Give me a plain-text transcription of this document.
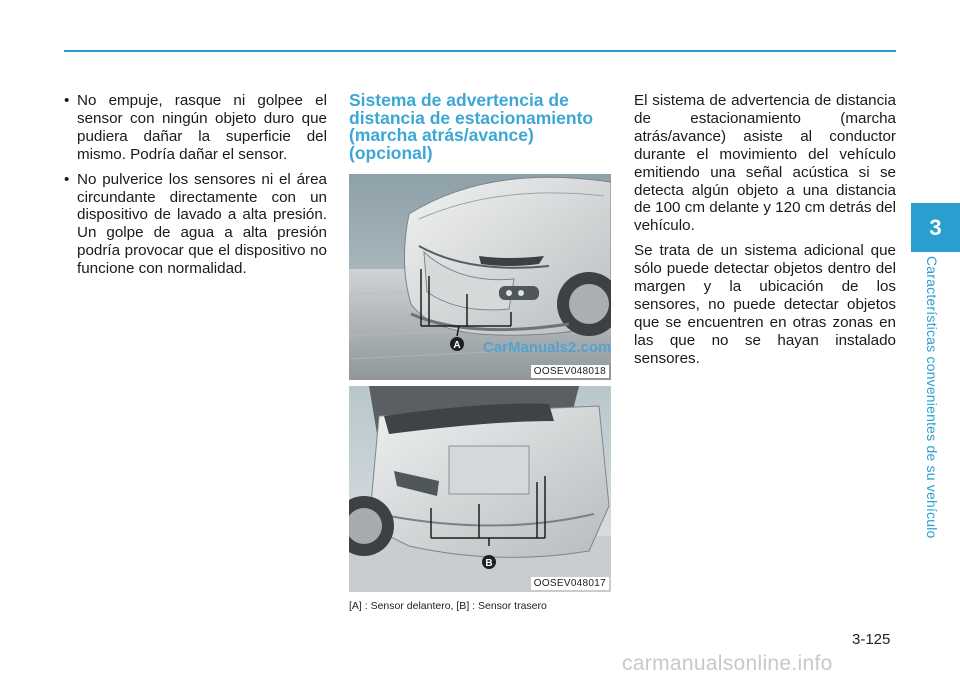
• No empuje, rasque ni golpee el sensor con ningún objeto duro que pudiera dañar la superficie del mismo. Podría dañar el sensor.
• No pulverice los sensores ni el área circundante directamente con un dispositivo de lavado a alta presión. Un golpe de agua a alta presión podría provocar que el dispositivo no funcione con normalidad.
Sistema de advertencia de distancia de estacionamiento (marcha atrás/avance) (opcional)
A
OOSEV048018
CarManuals2.com
B
OOSEV048017
[A] : Sensor delantero, [B] : Sensor trasero

El sistema de advertencia de distancia de estacionamiento (marcha atrás/avance) asiste al conductor durante el movimiento del vehículo emitiendo una señal acústica si se detecta algún objeto a una distancia de 100 cm delante y 120 cm detrás del vehículo.

Se trata de un sistema adicional que sólo puede detectar objetos dentro del margen y la ubicación de los sensores, no puede detectar objetos que se encuentren en otras zonas en las que no se hayan instalado sensores.

3
Características convenientes de su vehículo
3-125
carmanualsonline.info
